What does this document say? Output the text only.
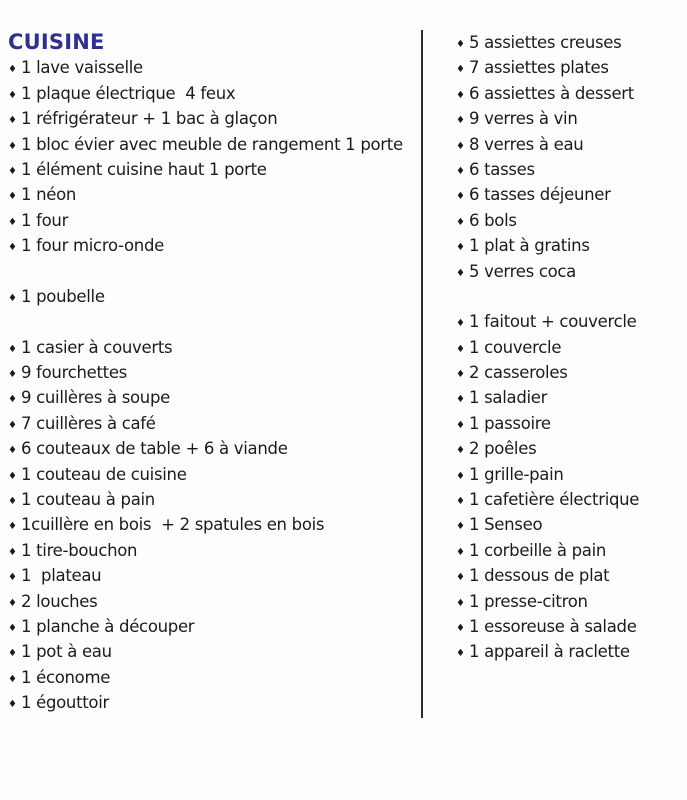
CUISINE
♦ 1 lave vaisselle
♦ 1 plaque électrique  4 feux
♦ 1 réfrigérateur + 1 bac à glaçon
♦ 1 bloc évier avec meuble de rangement 1 porte
♦ 1 élément cuisine haut 1 porte
♦ 1 néon
♦ 1 four
♦ 1 four micro-onde
♦ 1 poubelle
♦ 1 casier à couverts
♦ 9 fourchettes
♦ 9 cuillères à soupe
♦ 7 cuillères à café
♦ 6 couteaux de table + 6 à viande
♦ 1 couteau de cuisine
♦ 1 couteau à pain
♦ 1cuillère en bois  + 2 spatules en bois
♦ 1 tire-bouchon
♦ 1  plateau
♦ 2 louches
♦ 1 planche à découper
♦ 1 pot à eau
♦ 1 économe
♦ 1 égouttoir
♦ 5 assiettes creuses
♦ 7 assiettes plates
♦ 6 assiettes à dessert
♦ 9 verres à vin
♦ 8 verres à eau
♦ 6 tasses
♦ 6 tasses déjeuner
♦ 6 bols
♦ 1 plat à gratins
♦ 5 verres coca
♦ 1 faitout + couvercle
♦ 1 couvercle
♦ 2 casseroles
♦ 1 saladier
♦ 1 passoire
♦ 2 poêles
♦ 1 grille-pain
♦ 1 cafetière électrique
♦ 1 Senseo
♦ 1 corbeille à pain
♦ 1 dessous de plat
♦ 1 presse-citron
♦ 1 essoreuse à salade
♦ 1 appareil à raclette
